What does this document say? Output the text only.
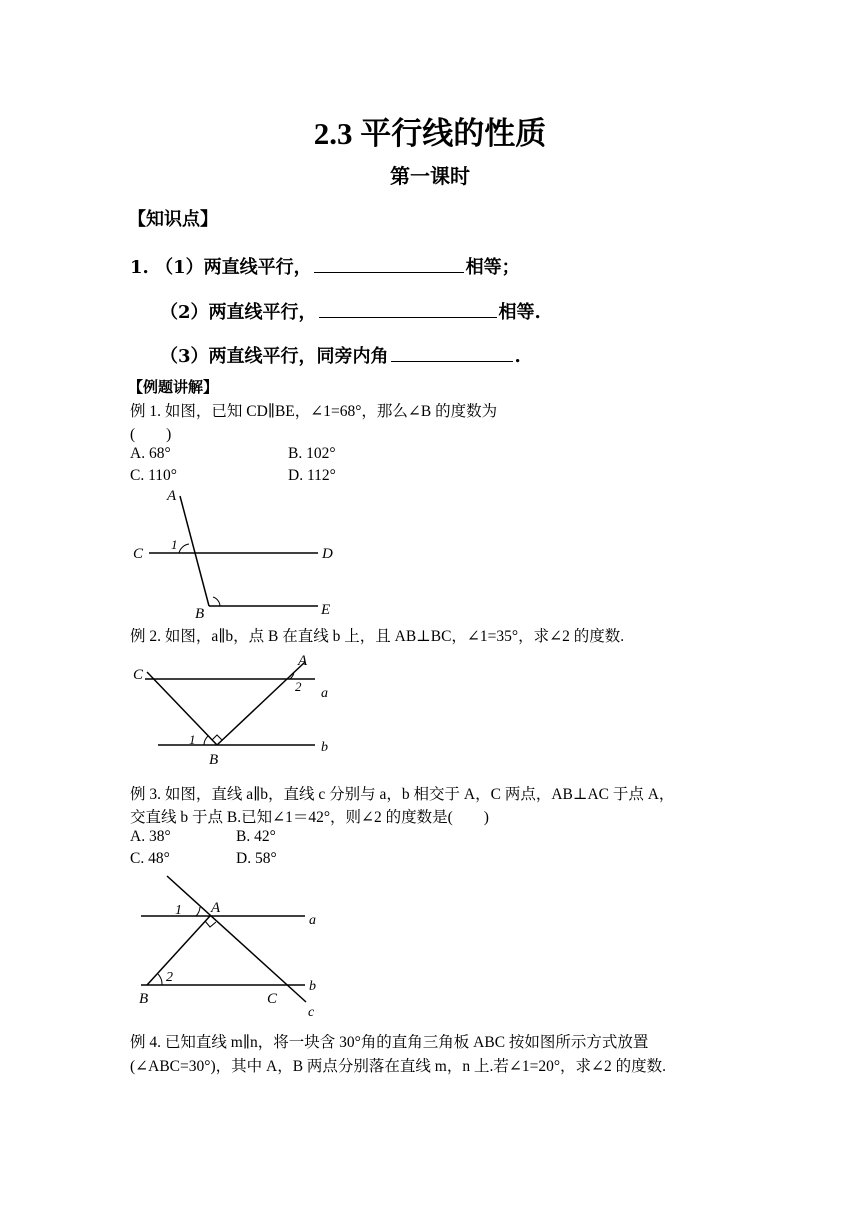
2.3 平行线的性质
第一课时
【知识点】
1. （1）两直线平行，	相等；
（2）两直线平行，	相等.
（3）两直线平行，同旁内角	.
【例题讲解】
例 1. 如图，已知 CD∥BE，∠1=68°，那么∠B 的度数为
(　　)
A. 68°	B. 102°
C. 110°	D. 112°
A
1
C	D
B	E
例 2. 如图，a∥b，点 B 在直线 b 上，且 AB⊥BC，∠1=35°，求∠2 的度数.
C
A
2 a
1
b
B
例 3. 如图，直线 a∥b，直线 c 分别与 a，b 相交于 A，C 两点，AB⊥AC 于点 A，
交直线 b 于点 B.已知∠1＝42°，则∠2 的度数是(　　)
A. 38°	B. 42°
C. 48°	D. 58°
1 A
a
2
b
B	C
c
例 4. 已知直线 m∥n，将一块含 30°角的直角三角板 ABC 按如图所示方式放置
(∠ABC=30°)，其中 A，B 两点分别落在直线 m，n 上.若∠1=20°，求∠2 的度数.
